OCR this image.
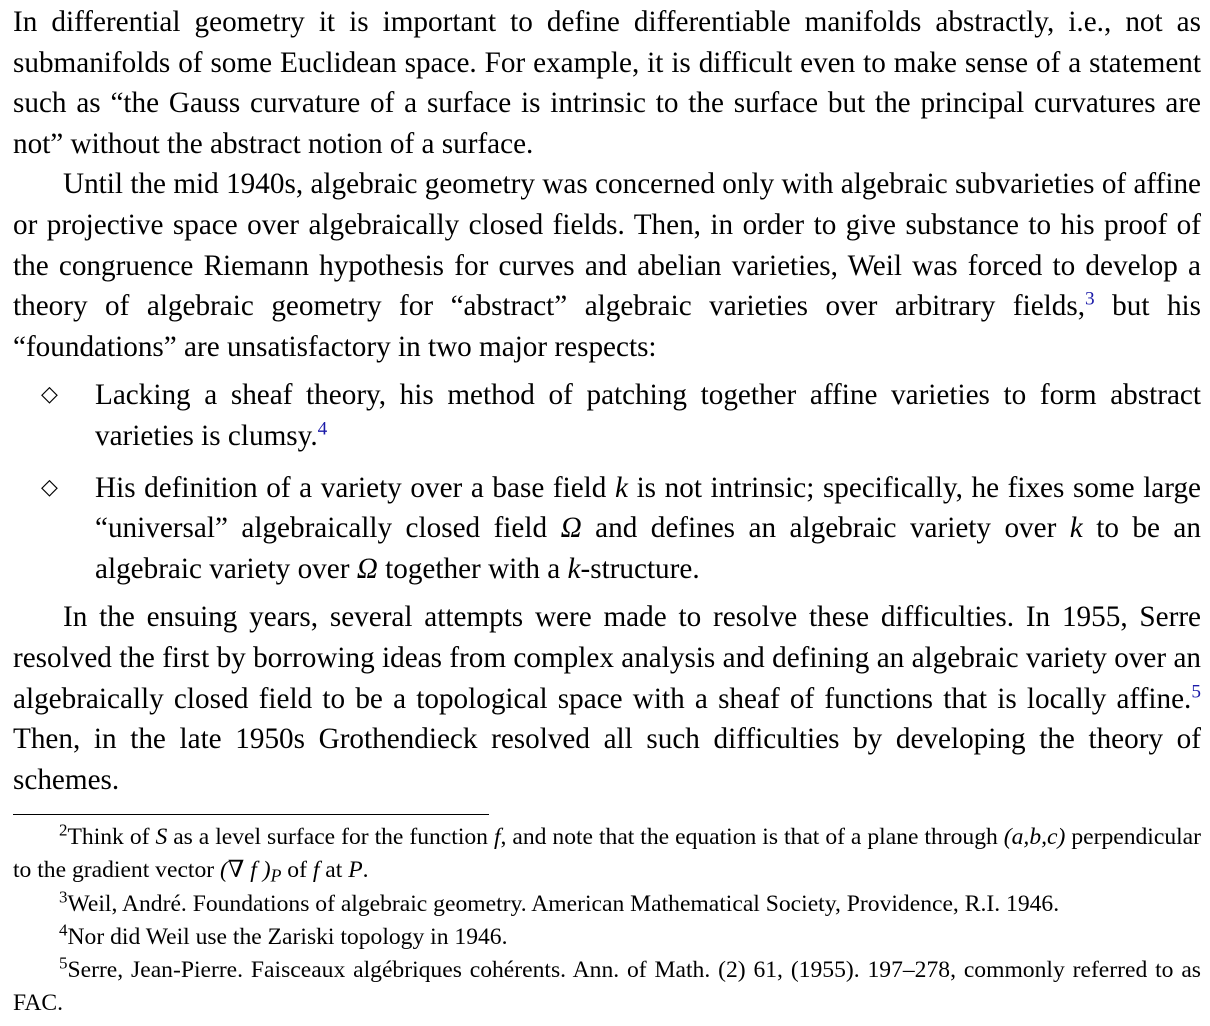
In differential geometry it is important to define differentiable manifolds abstractly, i.e., not as submanifolds of some Euclidean space. For example, it is difficult even to make sense of a statement such as “the Gauss curvature of a surface is intrinsic to the surface but the principal curvatures are not” without the abstract notion of a surface.

Until the mid 1940s, algebraic geometry was concerned only with algebraic subvarieties of affine or projective space over algebraically closed fields. Then, in order to give substance to his proof of the congruence Riemann hypothesis for curves and abelian varieties, Weil was forced to develop a theory of algebraic geometry for “abstract” algebraic varieties over arbitrary fields,$^3$ but his “foundations” are unsatisfactory in two major respects:

◇ Lacking a sheaf theory, his method of patching together affine varieties to form abstract varieties is clumsy.$^4$
◇ His definition of a variety over a base field k is not intrinsic; specifically, he fixes some large “universal” algebraically closed field Ω and defines an algebraic variety over k to be an algebraic variety over Ω together with a k-structure.

In the ensuing years, several attempts were made to resolve these difficulties. In 1955, Serre resolved the first by borrowing ideas from complex analysis and defining an algebraic variety over an algebraically closed field to be a topological space with a sheaf of functions that is locally affine.$^5$ Then, in the late 1950s Grothendieck resolved all such difficulties by developing the theory of schemes.

$^2$Think of S as a level surface for the function f, and note that the equation is that of a plane through (a,b,c) perpendicular to the gradient vector (∇ f )$_P$ of f at P.

$^3$Weil, André. Foundations of algebraic geometry. American Mathematical Society, Providence, R.I. 1946.

$^4$Nor did Weil use the Zariski topology in 1946.

$^5$Serre, Jean-Pierre. Faisceaux algébriques cohérents. Ann. of Math. (2) 61, (1955). 197–278, commonly referred to as FAC.
